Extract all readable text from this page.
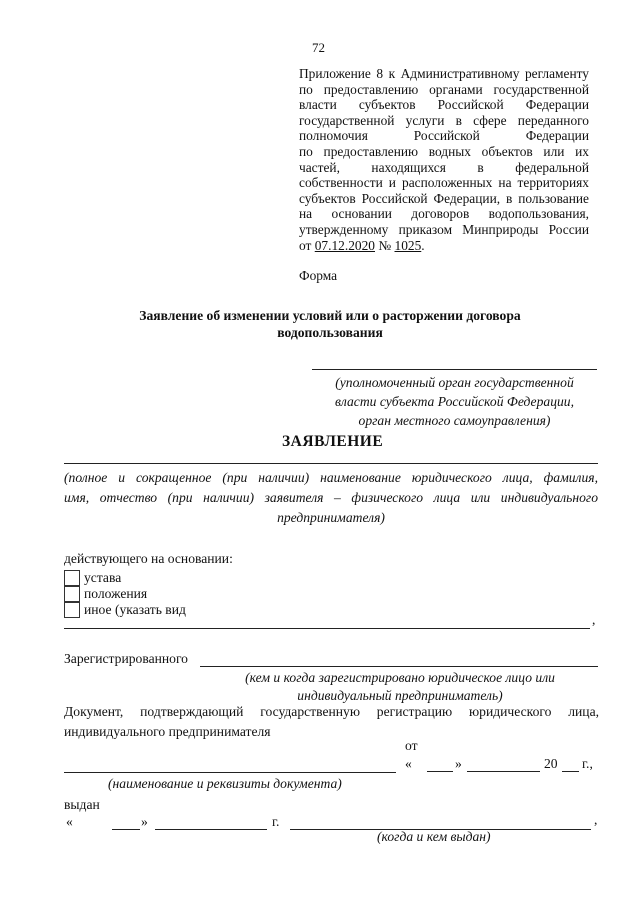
72
Приложение 8 к Административному регламенту
по предоставлению органами государственной
власти субъектов Российской Федерации
государственной услуги в сфере переданного
полномочия Российской Федерации
по предоставлению водных объектов или их
частей, находящихся в федеральной
собственности и расположенных на территориях
субъектов Российской Федерации, в пользование
на основании договоров водопользования,
утвержденному приказом Минприроды России
от 07.12.2020 № 1025.
Форма
Заявление об изменении условий или о расторжении договора
водопользования
(уполномоченный орган государственной
власти субъекта Российской Федерации,
орган местного самоуправления)
ЗАЯВЛЕНИЕ
(полное и сокращенное (при наличии) наименование юридического лица, фамилия,
имя, отчество (при наличии) заявителя – физического лица или индивидуального
предпринимателя)
действующего на основании:
устава
положения
иное (указать вид
,
Зарегистрированного
(кем и когда зарегистрировано юридическое лицо или
индивидуальный предприниматель)
Документ, подтверждающий государственную регистрацию юридического лица,
индивидуального предпринимателя
от
«	»	20 г.,
(наименование и реквизиты документа)
выдан
«	»	г.	,
(когда и кем выдан)
